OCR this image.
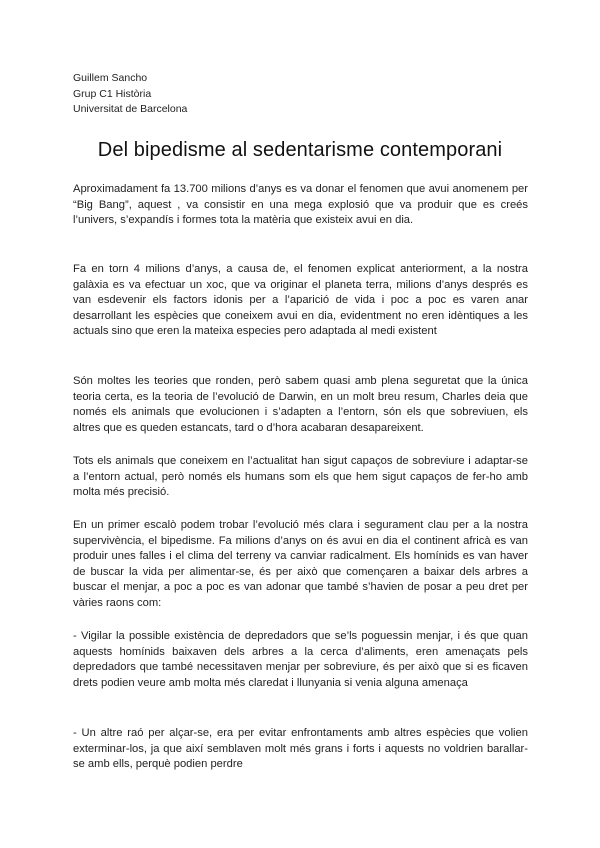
Guillem Sancho
Grup C1 Història
Universitat de Barcelona
Del bipedisme al sedentarisme contemporani

Aproximadament fa 13.700 milions d’anys es va donar el fenomen que avui anomenem per “Big Bang”, aquest , va consistir en una mega explosió que va produir que es creés l’univers, s’expandís i formes tota la matèria que existeix avui en dia.

Fa en torn 4 milions d’anys, a causa de, el fenomen explicat anteriorment, a la nostra galàxia es va efectuar un xoc, que va originar el planeta terra, milions d’anys després es van esdevenir els factors idonis per a l’aparició de vida i poc a poc es varen anar desarrollant les espècies que coneixem avui en dia, evidentment no eren idèntiques a les actuals sino que eren la mateixa especies pero adaptada al medi existent

Són moltes les teories que ronden, però sabem quasi amb plena seguretat que la única teoria certa, es la teoria de l’evolució de Darwin, en un molt breu resum, Charles deia que només els animals que evolucionen i s’adapten a l’entorn, són els que sobreviuen, els altres que es queden estancats, tard o d’hora acabaran desapareixent.

Tots els animals que coneixem en l’actualitat han sigut capaços de sobreviure i adaptar-se a l’entorn actual, però només els humans som els que hem sigut capaços de fer-ho amb molta més precisió.

En un primer escalò podem trobar l’evolució més clara i segurament clau per a la nostra supervivència, el bipedisme. Fa milions d’anys on és avui en dia el continent africà es van produir unes falles i el clima del terreny va canviar radicalment. Els homínids es van haver de buscar la vida per alimentar-se, és per això que començaren a baixar dels arbres a buscar el menjar, a poc a poc es van adonar que també s’havien de posar a peu dret per vàries raons com:

- Vigilar la possible existència de depredadors que se’ls poguessin menjar, i és que quan aquests homínids baixaven dels arbres a la cerca d’aliments, eren amenaçats pels depredadors que també necessitaven menjar per sobreviure, és per això que si es ficaven drets podien veure amb molta més claredat i llunyania si venia alguna amenaça

- Un altre raó per alçar-se, era per evitar enfrontaments amb altres espècies que volien exterminar-los, ja que així semblaven molt més grans i forts i aquests no voldrien barallar-se amb ells, perquè podien perdre
